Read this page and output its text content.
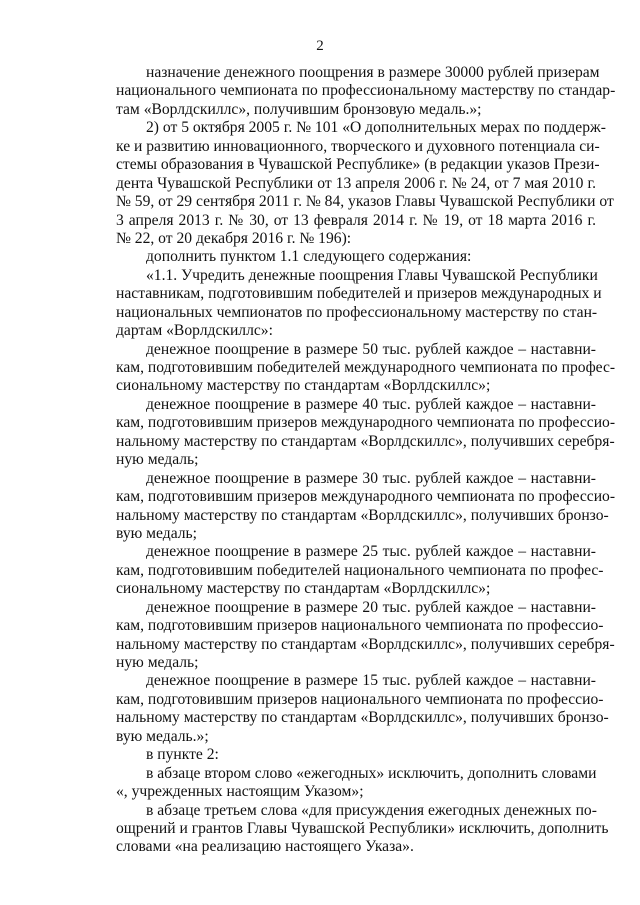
2
назначение денежного поощрения в размере 30000 рублей призерам
национального чемпионата по профессиональному мастерству по стандар-
там «Ворлдскиллс», получившим бронзовую медаль.»;
2) от 5 октября 2005 г. № 101 «О дополнительных мерах по поддерж-
ке и развитию инновационного, творческого и духовного потенциала си-
стемы образования в Чувашской Республике» (в редакции указов Прези-
дента Чувашской Республики от 13 апреля 2006 г. № 24, от 7 мая 2010 г.
№ 59, от 29 сентября 2011 г. № 84, указов Главы Чувашской Республики от
3 апреля 2013 г. № 30, от 13 февраля 2014 г. № 19, от 18 марта 2016 г.
№ 22, от 20 декабря 2016 г. № 196):
дополнить пунктом 1.1 следующего содержания:
«1.1. Учредить денежные поощрения Главы Чувашской Республики
наставникам, подготовившим победителей и призеров международных и
национальных чемпионатов по профессиональному мастерству по стан-
дартам «Ворлдскиллс»:
денежное поощрение в размере 50 тыс. рублей каждое – наставни-
кам, подготовившим победителей международного чемпионата по профес-
сиональному мастерству по стандартам «Ворлдскиллс»;
денежное поощрение в размере 40 тыс. рублей каждое – наставни-
кам, подготовившим призеров международного чемпионата по профессио-
нальному мастерству по стандартам «Ворлдскиллс», получивших серебря-
ную медаль;
денежное поощрение в размере 30 тыс. рублей каждое – наставни-
кам, подготовившим призеров международного чемпионата по профессио-
нальному мастерству по стандартам «Ворлдскиллс», получивших бронзо-
вую медаль;
денежное поощрение в размере 25 тыс. рублей каждое – наставни-
кам, подготовившим победителей национального чемпионата по профес-
сиональному мастерству по стандартам «Ворлдскиллс»;
денежное поощрение в размере 20 тыс. рублей каждое – наставни-
кам, подготовившим призеров национального чемпионата по профессио-
нальному мастерству по стандартам «Ворлдскиллс», получивших серебря-
ную медаль;
денежное поощрение в размере 15 тыс. рублей каждое – наставни-
кам, подготовившим призеров национального чемпионата по профессио-
нальному мастерству по стандартам «Ворлдскиллс», получивших бронзо-
вую медаль.»;
в пункте 2:
в абзаце втором слово «ежегодных» исключить, дополнить словами
«, учрежденных настоящим Указом»;
в абзаце третьем слова «для присуждения ежегодных денежных по-
ощрений и грантов Главы Чувашской Республики» исключить, дополнить
словами «на реализацию настоящего Указа».
